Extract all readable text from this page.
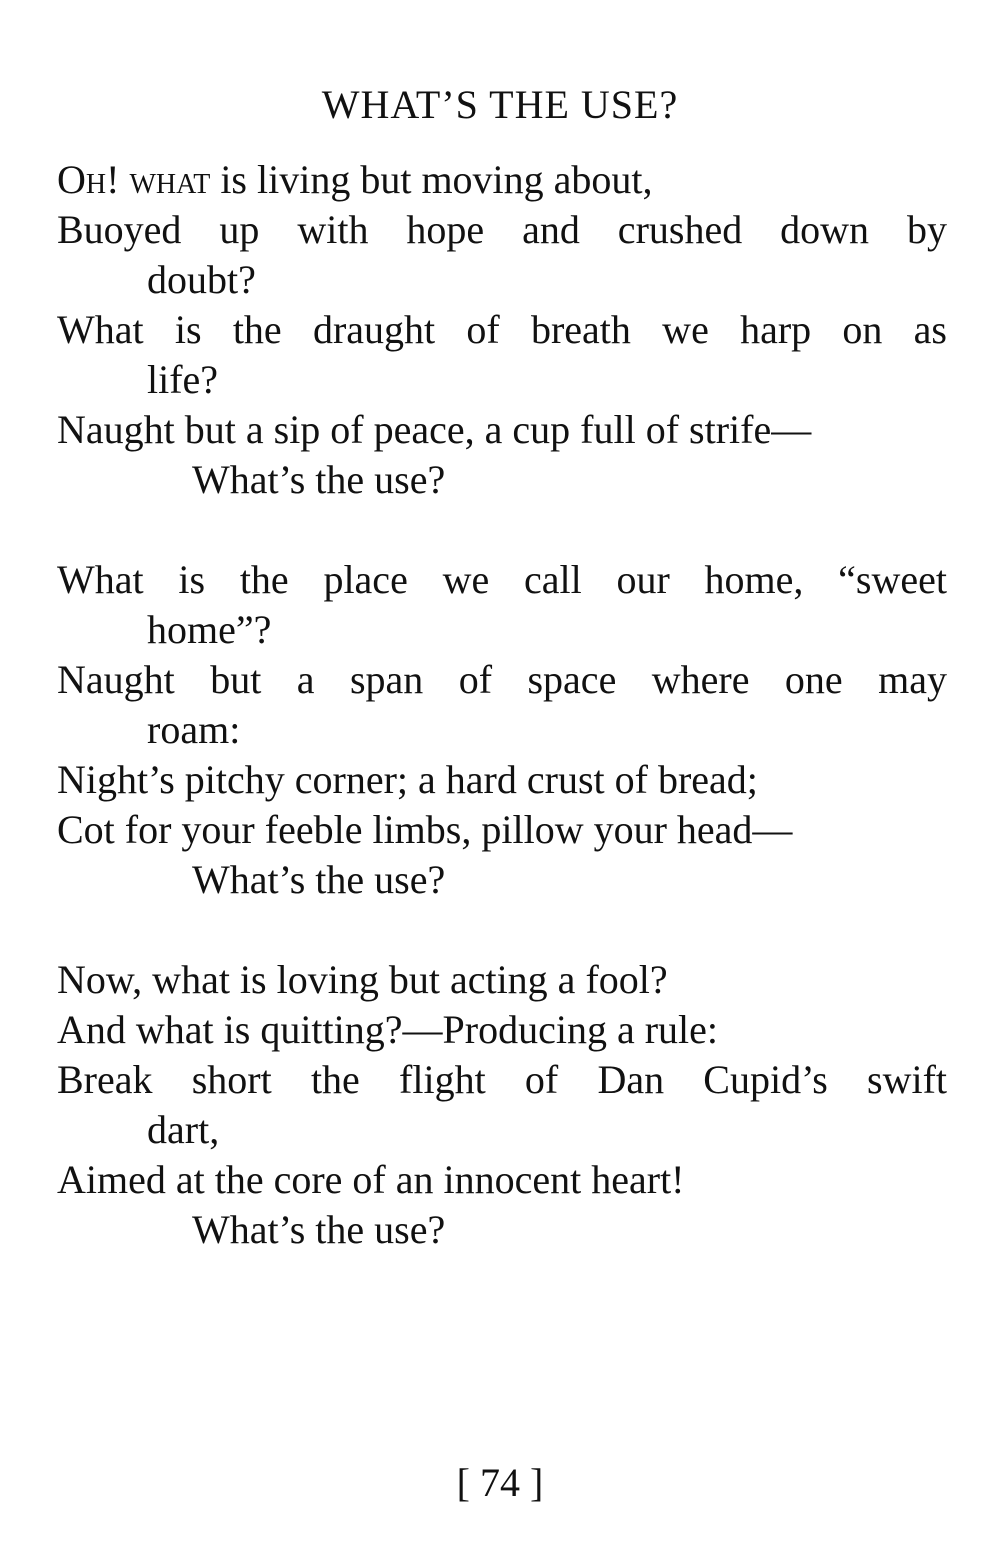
WHAT’S THE USE?
Oh! what is living but moving about,
Buoyed up with hope and crushed down by
doubt?
What is the draught of breath we harp on as
life?
Naught but a sip of peace, a cup full of strife—
What’s the use?
What is the place we call our home, “sweet
home”?
Naught but a span of space where one may
roam:
Night’s pitchy corner; a hard crust of bread;
Cot for your feeble limbs, pillow your head—
What’s the use?
Now, what is loving but acting a fool?
And what is quitting?—Producing a rule:
Break short the flight of Dan Cupid’s swift
dart,
Aimed at the core of an innocent heart!
What’s the use?
[ 74 ]
